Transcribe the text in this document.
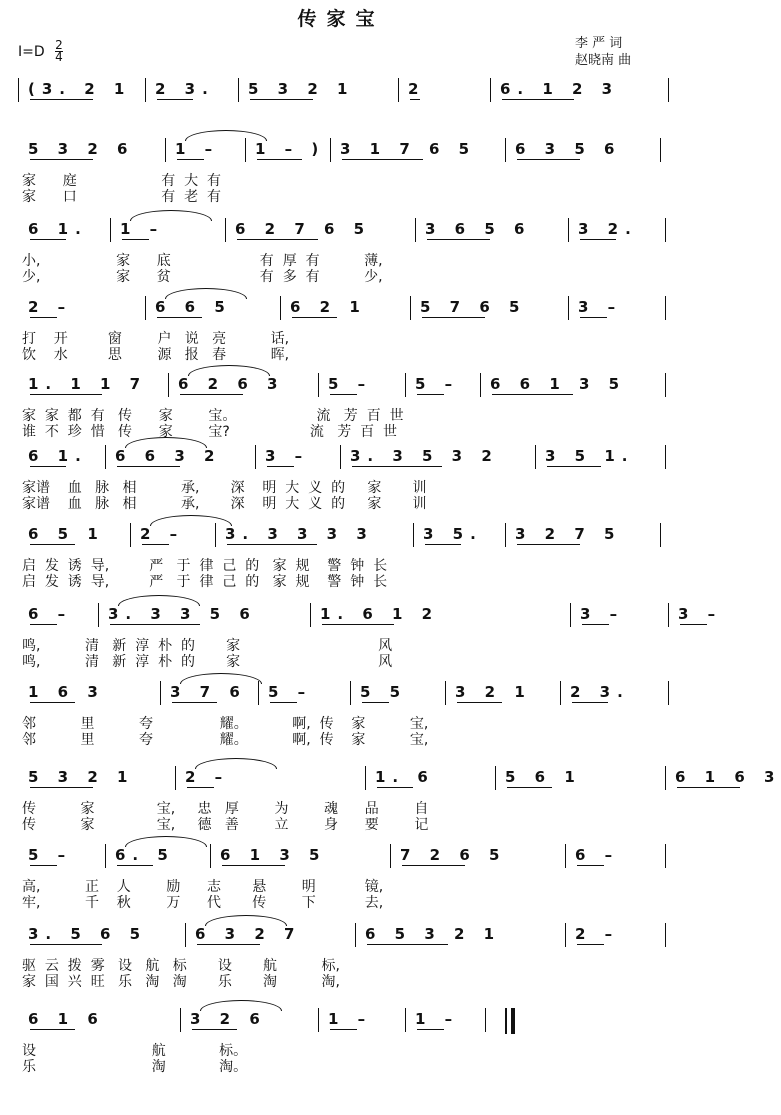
传家宝
李 严 词
赵晓南 曲
I=D 2
4
(3. 2 1 2 3. 5 3 2 1	2	6. 1 2 3
5 3 2 6	1 – 1 – ) 3 1 7 6 5	6 3 5 6
家      庭                   有  大  有
家      口                   有  老  有
6 1. 1 –	6 2 7 6 5	3 6 5 6	3 2.
小,                 家      底                    有  厚  有          薄,
少,                 家      贫                    有  多  有          少,
2 –	6 6 5	6 2 1	5 7 6 5	3 –
打    开         窗        户   说   亮          话,
饮    水         思        源   报   春          晖,
1. 1 1 7 6 2 6 3	5 –	5 – 6 6 1 3 5
家  家  都  有   传      家        宝。                  流   芳  百  世
谁  不  珍  惜   传      家        宝?                  流   芳  百  世
6 1. 6 6 3 2	3 –	3. 3 5 3 2	3 5 1.
家谱    血   脉   相          承,       深    明  大  义  的     家       训
家谱    血   脉   相          承,       深    明  大  义  的     家       训
6 5 1 2 –	3. 3 3 3 3	3 5. 3 2 7 5
启  发  诱  导,         严   于  律  己  的   家  规    警  钟  长
启  发  诱  导,         严   于  律  己  的   家  规    警  钟  长
6 – 3. 3 3 5 6	1. 6 1 2	3 –	3 –
鸣,          清   新  淳  朴  的       家                               风
鸣,          清   新  淳  朴  的       家                               风
1 6 3	3 7 6 5 –	5 5	3 2 1	2 3.
邻          里          夸               耀。          啊,  传    家          宝,
邻          里          夸               耀。          啊,  传    家          宝,
5 3 2 1	2 –	1. 6	5 6 1	6 1 6 3
传          家              宝,     忠   厚        为        魂      品        自
传          家              宝,     德   善        立        身      要        记
5 –	6. 5	6 1 3 5	7 2 6 5	6 –
高,          正    人        励      志       悬        明           镜,
牢,          千    秋        万      代       传        下           去,
3. 5 6 5	6 3 2 7	6 5 3 2 1	2 –
驱  云  拨  雾   设   航   标       设       航          标,
家  国  兴  旺   乐   淘   淘       乐       淘          淘,
6 1 6	3 2 6	1 –	1 –
设                          航            标。
乐                          淘            淘。
